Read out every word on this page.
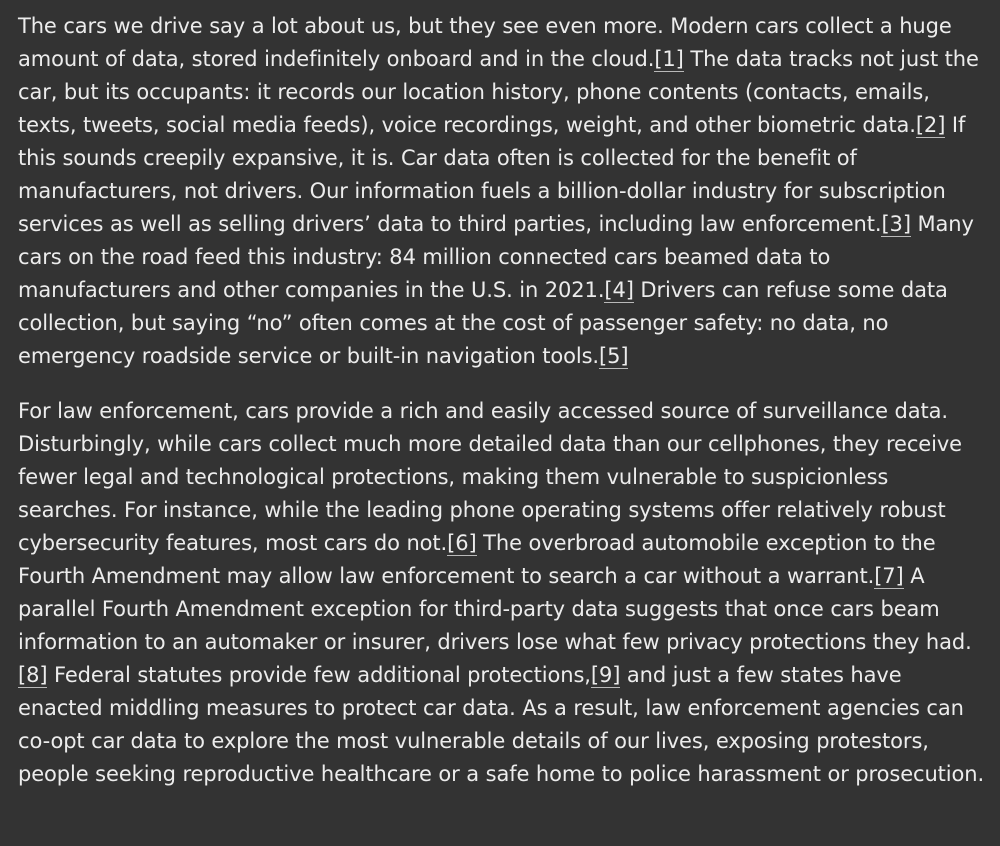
The cars we drive say a lot about us, but they see even more. Modern cars collect a huge amount of data, stored indefinitely onboard and in the cloud.[1] The data tracks not just the car, but its occupants: it records our location history, phone contents (contacts, emails, texts, tweets, social media feeds), voice recordings, weight, and other biometric data.[2] If this sounds creepily expansive, it is. Car data often is collected for the benefit of manufacturers, not drivers. Our information fuels a billion-dollar industry for subscription services as well as selling drivers’ data to third parties, including law enforcement.[3] Many cars on the road feed this industry: 84 million connected cars beamed data to manufacturers and other companies in the U.S. in 2021.[4] Drivers can refuse some data collection, but saying “no” often comes at the cost of passenger safety: no data, no emergency roadside service or built-in navigation tools.[5]

For law enforcement, cars provide a rich and easily accessed source of surveillance data. Disturbingly, while cars collect much more detailed data than our cellphones, they receive fewer legal and technological protections, making them vulnerable to suspicionless searches. For instance, while the leading phone operating systems offer relatively robust cybersecurity features, most cars do not.[6] The overbroad automobile exception to the Fourth Amendment may allow law enforcement to search a car without a warrant.[7] A parallel Fourth Amendment exception for third-party data suggests that once cars beam information to an automaker or insurer, drivers lose what few privacy protections they had.[8] Federal statutes provide few additional protections,[9] and just a few states have enacted middling measures to protect car data. As a result, law enforcement agencies can co-opt car data to explore the most vulnerable details of our lives, exposing protestors, people seeking reproductive healthcare or a safe home to police harassment or prosecution.
